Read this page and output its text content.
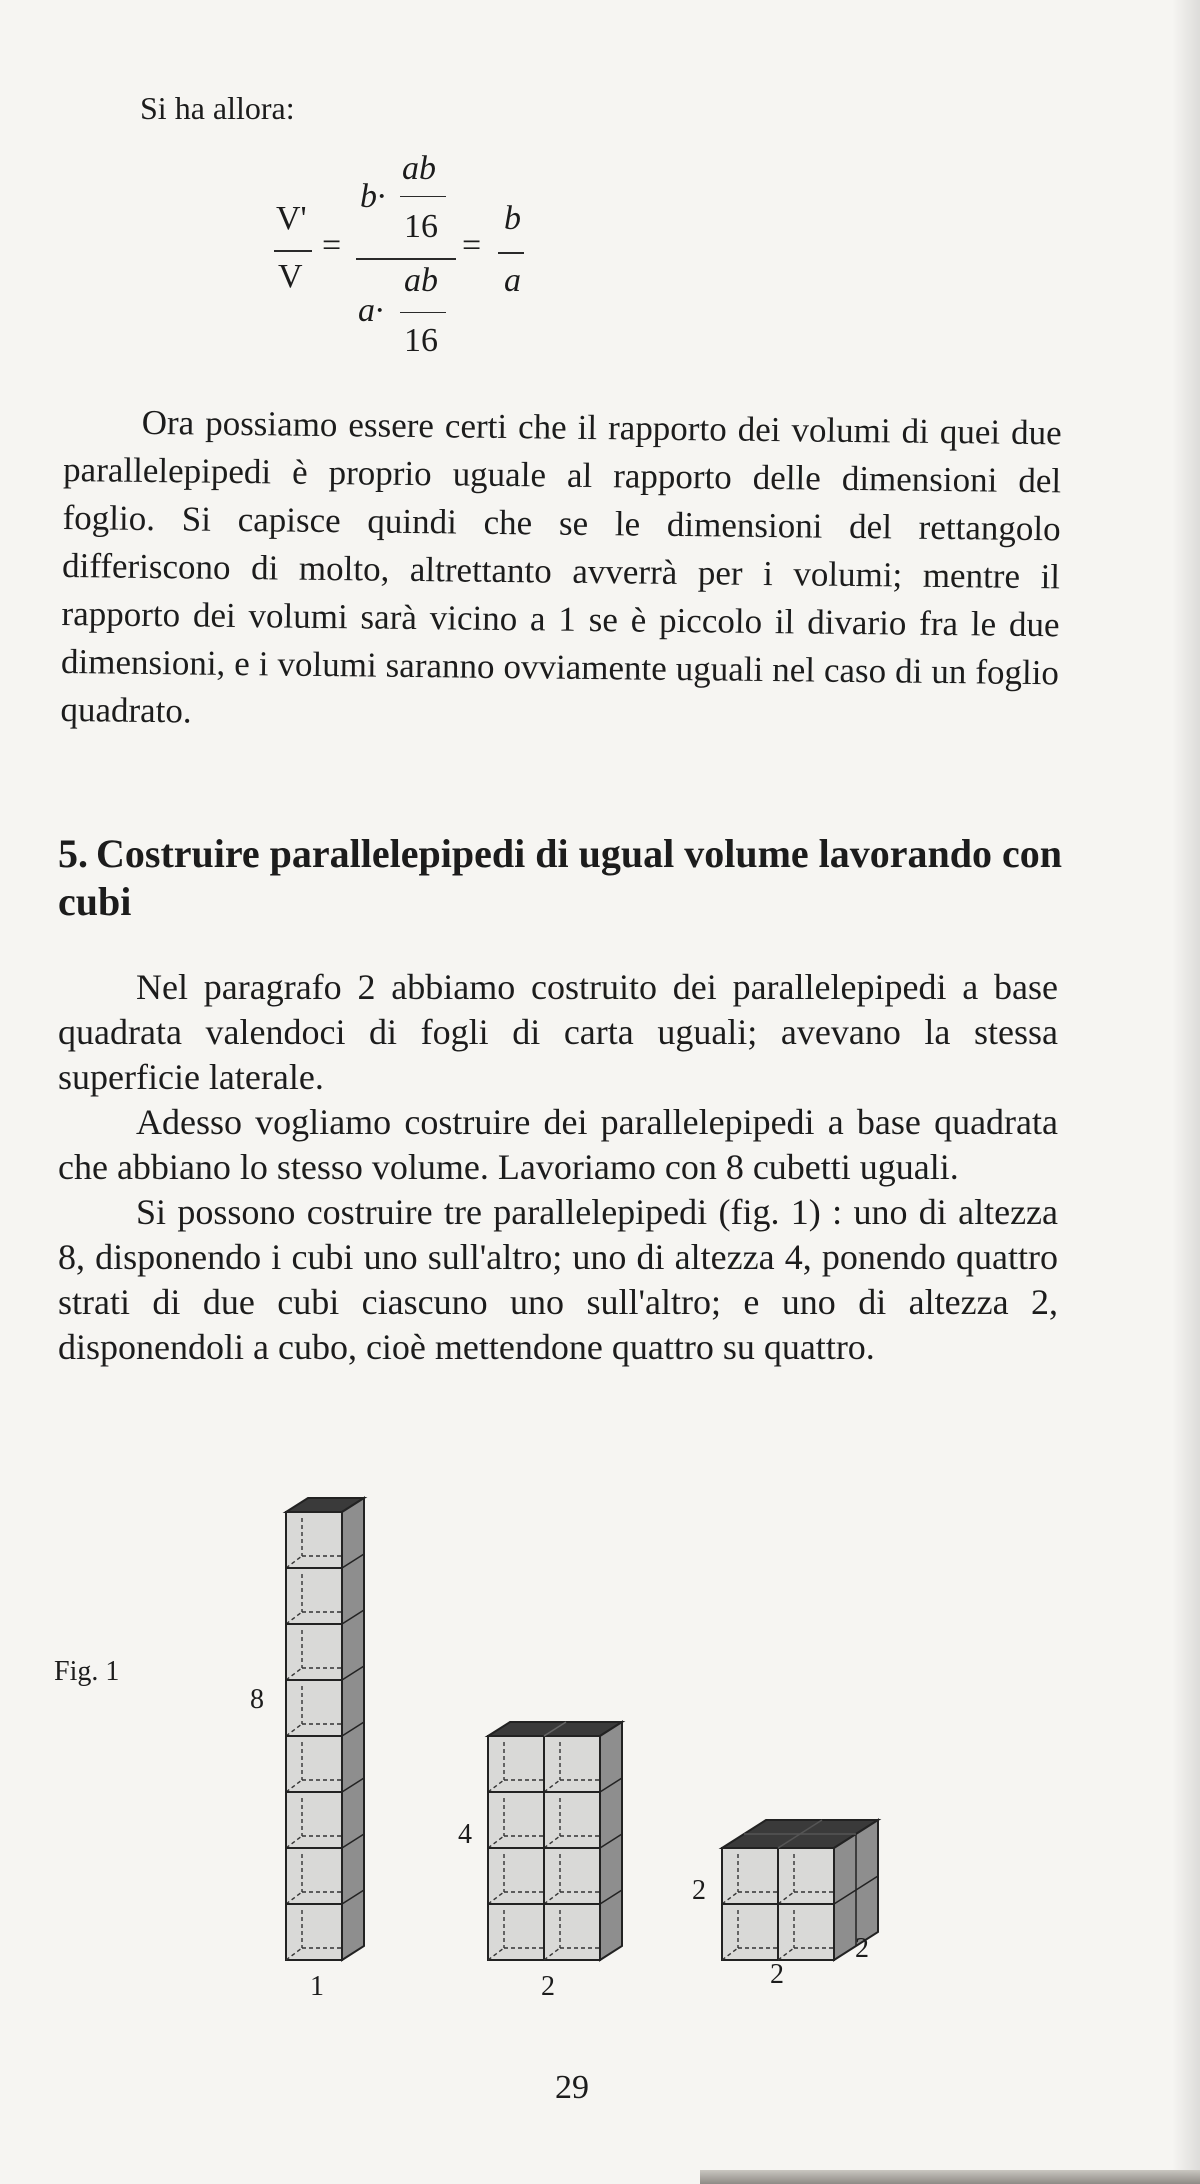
Si ha allora:

V'
V
=
b·
ab
16
ab
a·
16
=
b
a

Ora possiamo essere certi che il rapporto dei volumi di quei due parallelepipedi è proprio uguale al rapporto delle dimensioni del foglio. Si capisce quindi che se le dimensioni del rettangolo differiscono di molto, altrettanto avverrà per i volumi; mentre il rapporto dei volumi sarà vicino a 1 se è piccolo il divario fra le due dimensioni, e i volumi saranno ovviamente uguali nel caso di un foglio quadrato.

5. Costruire parallelepipedi di ugual volume lavorando con cubi

Nel paragrafo 2 abbiamo costruito dei parallelepipedi a base quadrata valendoci di fogli di carta uguali; avevano la stessa superficie laterale.

Adesso vogliamo costruire dei parallelepipedi a base quadrata che abbiano lo stesso volume. Lavoriamo con 8 cubetti uguali.

Si possono costruire tre parallelepipedi (fig. 1) : uno di altezza 8, disponendo i cubi uno sull'altro; uno di altezza 4, ponendo quattro strati di due cubi ciascuno uno sull'altro; e uno di altezza 2, disponendoli a cubo, cioè mettendone quattro su quattro.

Fig. 1

8
1
4
2
2
2
2

29
